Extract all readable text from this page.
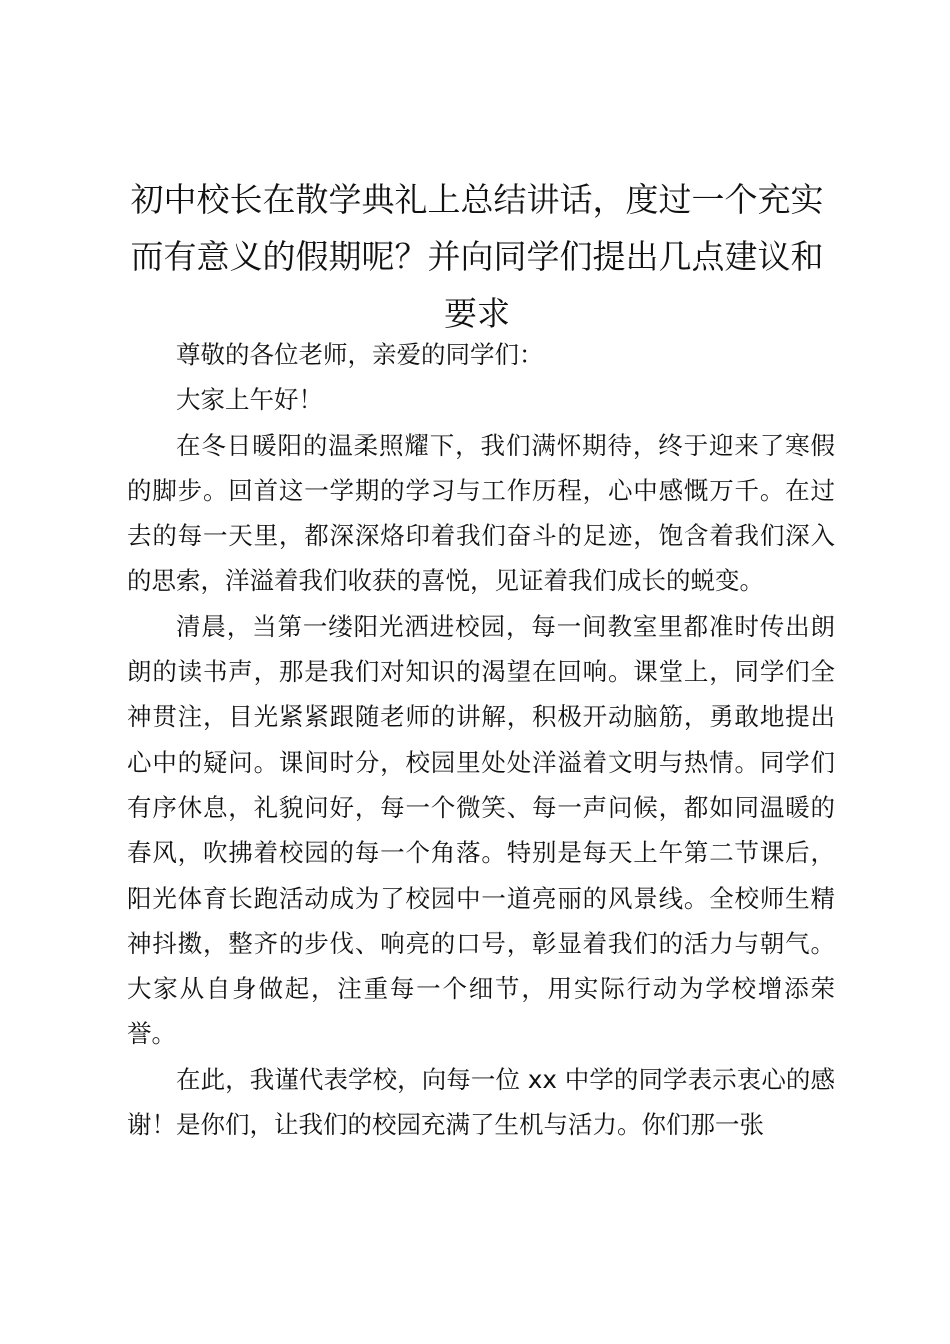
初中校长在散学典礼上总结讲话，度过一个充实而有意义的假期呢？并向同学们提出几点建议和要求

尊敬的各位老师，亲爱的同学们：

大家上午好！

在冬日暖阳的温柔照耀下，我们满怀期待，终于迎来了寒假的脚步。回首这一学期的学习与工作历程，心中感慨万千。在过去的每一天里，都深深烙印着我们奋斗的足迹，饱含着我们深入的思索，洋溢着我们收获的喜悦，见证着我们成长的蜕变。

清晨，当第一缕阳光洒进校园，每一间教室里都准时传出朗朗的读书声，那是我们对知识的渴望在回响。课堂上，同学们全神贯注，目光紧紧跟随老师的讲解，积极开动脑筋，勇敢地提出心中的疑问。课间时分，校园里处处洋溢着文明与热情。同学们有序休息，礼貌问好，每一个微笑、每一声问候，都如同温暖的春风，吹拂着校园的每一个角落。特别是每天上午第二节课后，阳光体育长跑活动成为了校园中一道亮丽的风景线。全校师生精神抖擞，整齐的步伐、响亮的口号，彰显着我们的活力与朝气。大家从自身做起，注重每一个细节，用实际行动为学校增添荣誉。

在此，我谨代表学校，向每一位 xx 中学的同学表示衷心的感谢！是你们，让我们的校园充满了生机与活力。你们那一张
